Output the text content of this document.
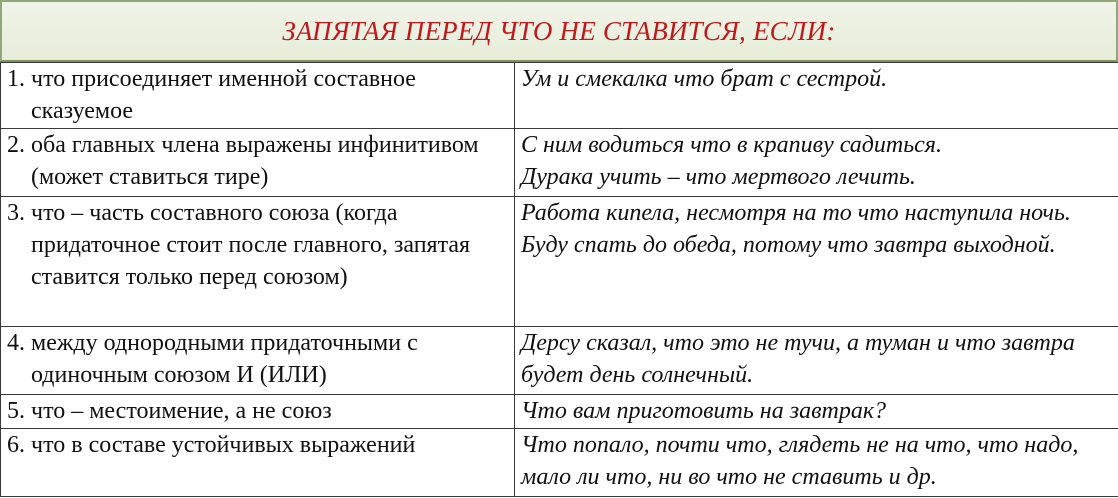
ЗАПЯТАЯ ПЕРЕД ЧТО НЕ СТАВИТСЯ, ЕСЛИ:
1. что присоединяет именной составное сказуемое	Ум и смекалка что брат с сестрой.

2. оба главных члена выражены инфинитивом (может ставиться тире)	С ним водиться что в крапиву садиться.
Дурака учить – что мертвого лечить.

3. что – часть составного союза (когда придаточное стоит после главного, запятая ставится только перед союзом)	Работа кипела, несмотря на то что наступила ночь.
Буду спать до обеда, потому что завтра выходной.

4. между однородными придаточными с одиночным союзом И (ИЛИ)	Дерсу сказал, что это не тучи, а туман и что завтра будет день солнечный.

5. что – местоимение, а не союз	Что вам приготовить на завтрак?

6. что в составе устойчивых выражений	Что попало, почти что, глядеть не на что, что надо, мало ли что, ни во что не ставить и др.
